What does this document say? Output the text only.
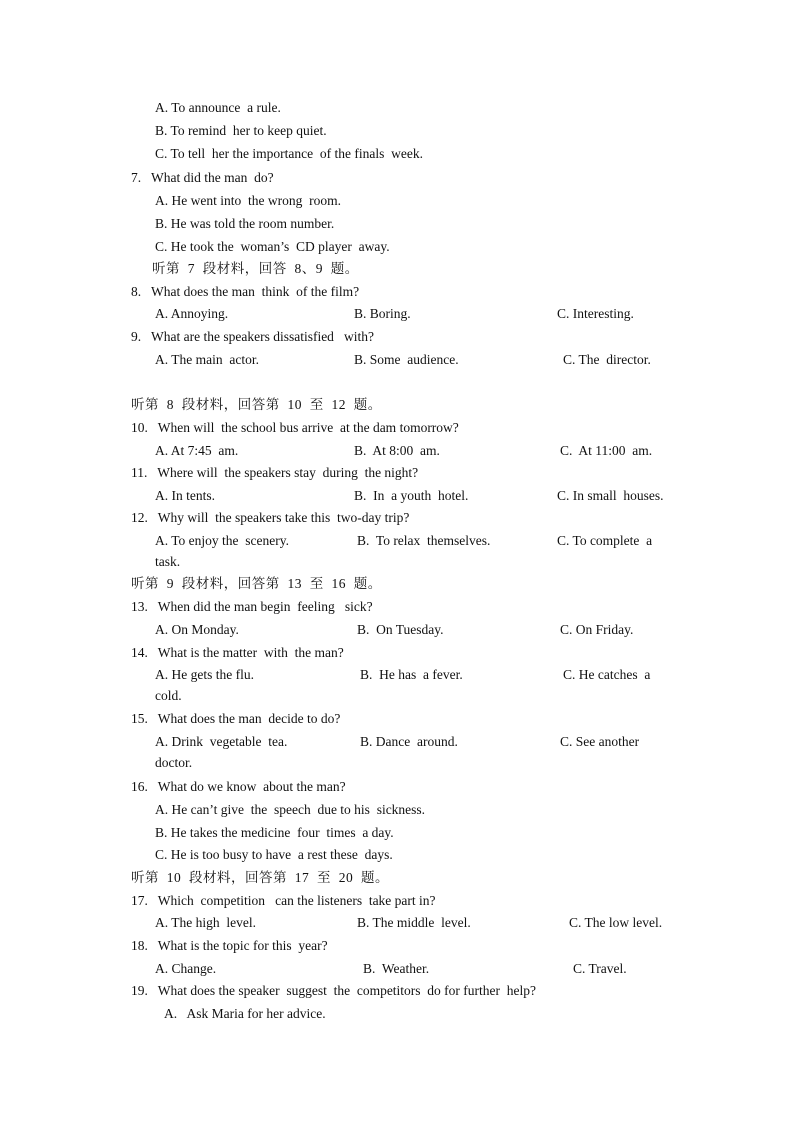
A. To announce  a rule.
B. To remind  her to keep quiet.
C. To tell  her the importance  of the finals  week.
7.   What did the man  do?
A. He went into  the wrong  room.
B. He was told the room number.
C. He took the  woman’s  CD player  away.
听第  7  段材料，回答  8、9  题。
8.   What does the man  think  of the film?
A. Annoying.	B. Boring.	C. Interesting.
9.   What are the speakers dissatisfied   with?
A. The main  actor.	B. Some  audience.	C. The  director.
听第  8  段材料，回答第  10  至  12  题。
10.   When will  the school bus arrive  at the dam tomorrow?
A. At 7:45  am.	B.  At 8:00  am.	C.  At 11:00  am.
11.   Where will  the speakers stay  during  the night?
A. In tents.	B.  In  a youth  hotel.	C. In small  houses.
12.   Why will  the speakers take this  two-day trip?
A. To enjoy the  scenery.	B.  To relax  themselves.	C. To complete  a
task.
听第  9  段材料，回答第  13  至  16  题。
13.   When did the man begin  feeling   sick?
A. On Monday.	B.  On Tuesday.	C. On Friday.
14.   What is the matter  with  the man?
A. He gets the flu.	B.  He has  a fever.	C. He catches  a
cold.
15.   What does the man  decide to do?
A. Drink  vegetable  tea.	B. Dance  around.	C. See another
doctor.
16.   What do we know  about the man?
A. He can’t give  the  speech  due to his  sickness.
B. He takes the medicine  four  times  a day.
C. He is too busy to have  a rest these  days.
听第  10  段材料，回答第  17  至  20  题。
17.   Which  competition   can the listeners  take part in?
A. The high  level.	B. The middle  level.	C. The low level.
18.   What is the topic for this  year?
A. Change.	B.  Weather.	C. Travel.
19.   What does the speaker  suggest  the  competitors  do for further  help?
A.   Ask Maria for her advice.
